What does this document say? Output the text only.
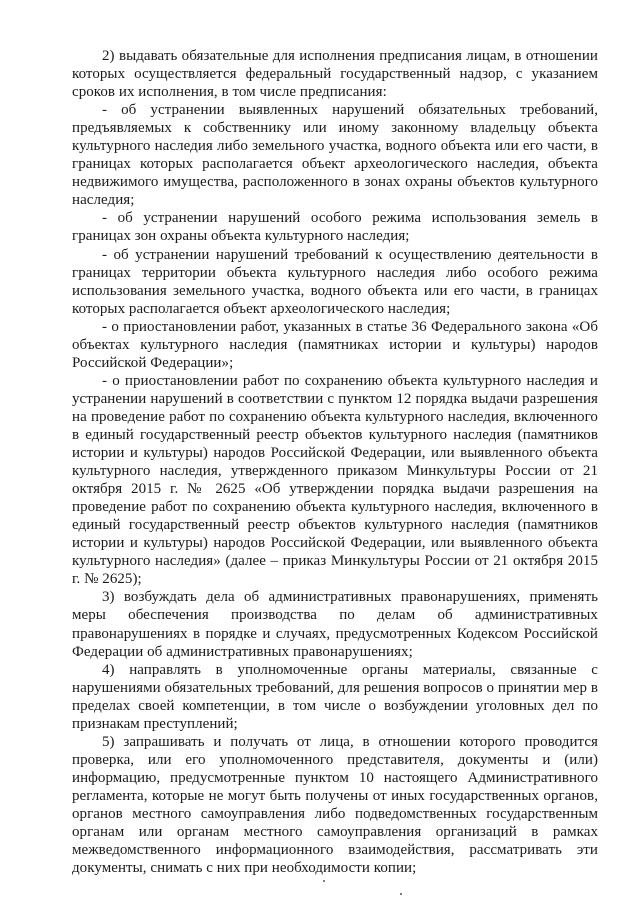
2) выдавать обязательные для исполнения предписания лицам, в отношении которых осуществляется федеральный государственный надзор, с указанием сроков их исполнения, в том числе предписания:

- об устранении выявленных нарушений обязательных требований, предъявляемых к собственнику или иному законному владельцу объекта культурного наследия либо земельного участка, водного объекта или его части, в границах которых располагается объект археологического наследия, объекта недвижимого имущества, расположенного в зонах охраны объектов культурного наследия;

- об устранении нарушений особого режима использования земель в границах зон охраны объекта культурного наследия;

- об устранении нарушений требований к осуществлению деятельности в границах территории объекта культурного наследия либо особого режима использования земельного участка, водного объекта или его части, в границах которых располагается объект археологического наследия;

- о приостановлении работ, указанных в статье 36 Федерального закона «Об объектах культурного наследия (памятниках истории и культуры) народов Российской Федерации»;

- о приостановлении работ по сохранению объекта культурного наследия и устранении нарушений в соответствии с пунктом 12 порядка выдачи разрешения на проведение работ по сохранению объекта культурного наследия, включенного в единый государственный реестр объектов культурного наследия (памятников истории и культуры) народов Российской Федерации, или выявленного объекта культурного наследия, утвержденного приказом Минкультуры России от 21 октября 2015 г. № 2625 «Об утверждении порядка выдачи разрешения на проведение работ по сохранению объекта культурного наследия, включенного в единый государственный реестр объектов культурного наследия (памятников истории и культуры) народов Российской Федерации, или выявленного объекта культурного наследия» (далее – приказ Минкультуры России от 21 октября 2015 г. № 2625);

3) возбуждать дела об административных правонарушениях, применять меры обеспечения производства по делам об административных правонарушениях в порядке и случаях, предусмотренных Кодексом Российской Федерации об административных правонарушениях;

4) направлять в уполномоченные органы материалы, связанные с нарушениями обязательных требований, для решения вопросов о принятии мер в пределах своей компетенции, в том числе о возбуждении уголовных дел по признакам преступлений;

5) запрашивать и получать от лица, в отношении которого проводится проверка, или его уполномоченного представителя, документы и (или) информацию, предусмотренные пунктом 10 настоящего Административного регламента, которые не могут быть получены от иных государственных органов, органов местного самоуправления либо подведомственных государственным органам или органам местного самоуправления организаций в рамках межведомственного информационного взаимодействия, рассматривать эти документы, снимать с них при необходимости копии;
